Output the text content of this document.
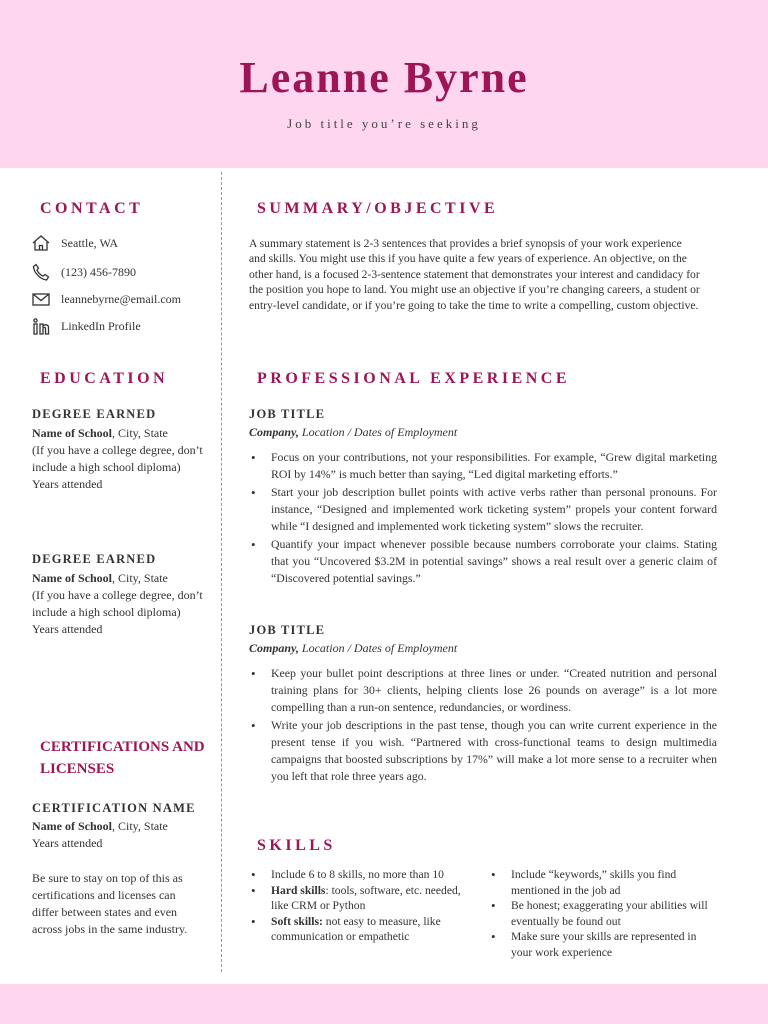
Leanne Byrne
Job title you’re seeking
CONTACT
Seattle, WA
(123) 456-7890
leannebyrne@email.com
LinkedIn Profile
EDUCATION
DEGREE EARNED
Name of School, City, State
(If you have a college degree, don’t include a high school diploma)
Years attended
DEGREE EARNED
Name of School, City, State
(If you have a college degree, don’t include a high school diploma)
Years attended
CERTIFICATIONS AND LICENSES
CERTIFICATION NAME
Name of School, City, State
Years attended
Be sure to stay on top of this as certifications and licenses can differ between states and even across jobs in the same industry.
SUMMARY/OBJECTIVE
A summary statement is 2-3 sentences that provides a brief synopsis of your work experience and skills. You might use this if you have quite a few years of experience. An objective, on the other hand, is a focused 2-3-sentence statement that demonstrates your interest and candidacy for the position you hope to land. You might use an objective if you’re changing careers, a student or entry-level candidate, or if you’re going to take the time to write a compelling, custom objective.
PROFESSIONAL EXPERIENCE
JOB TITLE
Company, Location / Dates of Employment
• Focus on your contributions, not your responsibilities. For example, “Grew digital marketing ROI by 14%” is much better than saying, “Led digital marketing efforts.”
• Start your job description bullet points with active verbs rather than personal pronouns. For instance, “Designed and implemented work ticketing system” propels your content forward while “I designed and implemented work ticketing system” slows the recruiter.
• Quantify your impact whenever possible because numbers corroborate your claims. Stating that you “Uncovered $3.2M in potential savings” shows a real result over a generic claim of “Discovered potential savings.”
JOB TITLE
Company, Location / Dates of Employment
• Keep your bullet point descriptions at three lines or under. “Created nutrition and personal training plans for 30+ clients, helping clients lose 26 pounds on average” is a lot more compelling than a run-on sentence, redundancies, or wordiness.
• Write your job descriptions in the past tense, though you can write current experience in the present tense if you wish. “Partnered with cross-functional teams to design multimedia campaigns that boosted subscriptions by 17%” will make a lot more sense to a recruiter when you left that role three years ago.
SKILLS
• Include 6 to 8 skills, no more than 10
• Hard skills: tools, software, etc. needed, like CRM or Python
• Soft skills: not easy to measure, like communication or empathetic
• Include “keywords,” skills you find mentioned in the job ad
• Be honest; exaggerating your abilities will eventually be found out
• Make sure your skills are represented in your work experience
